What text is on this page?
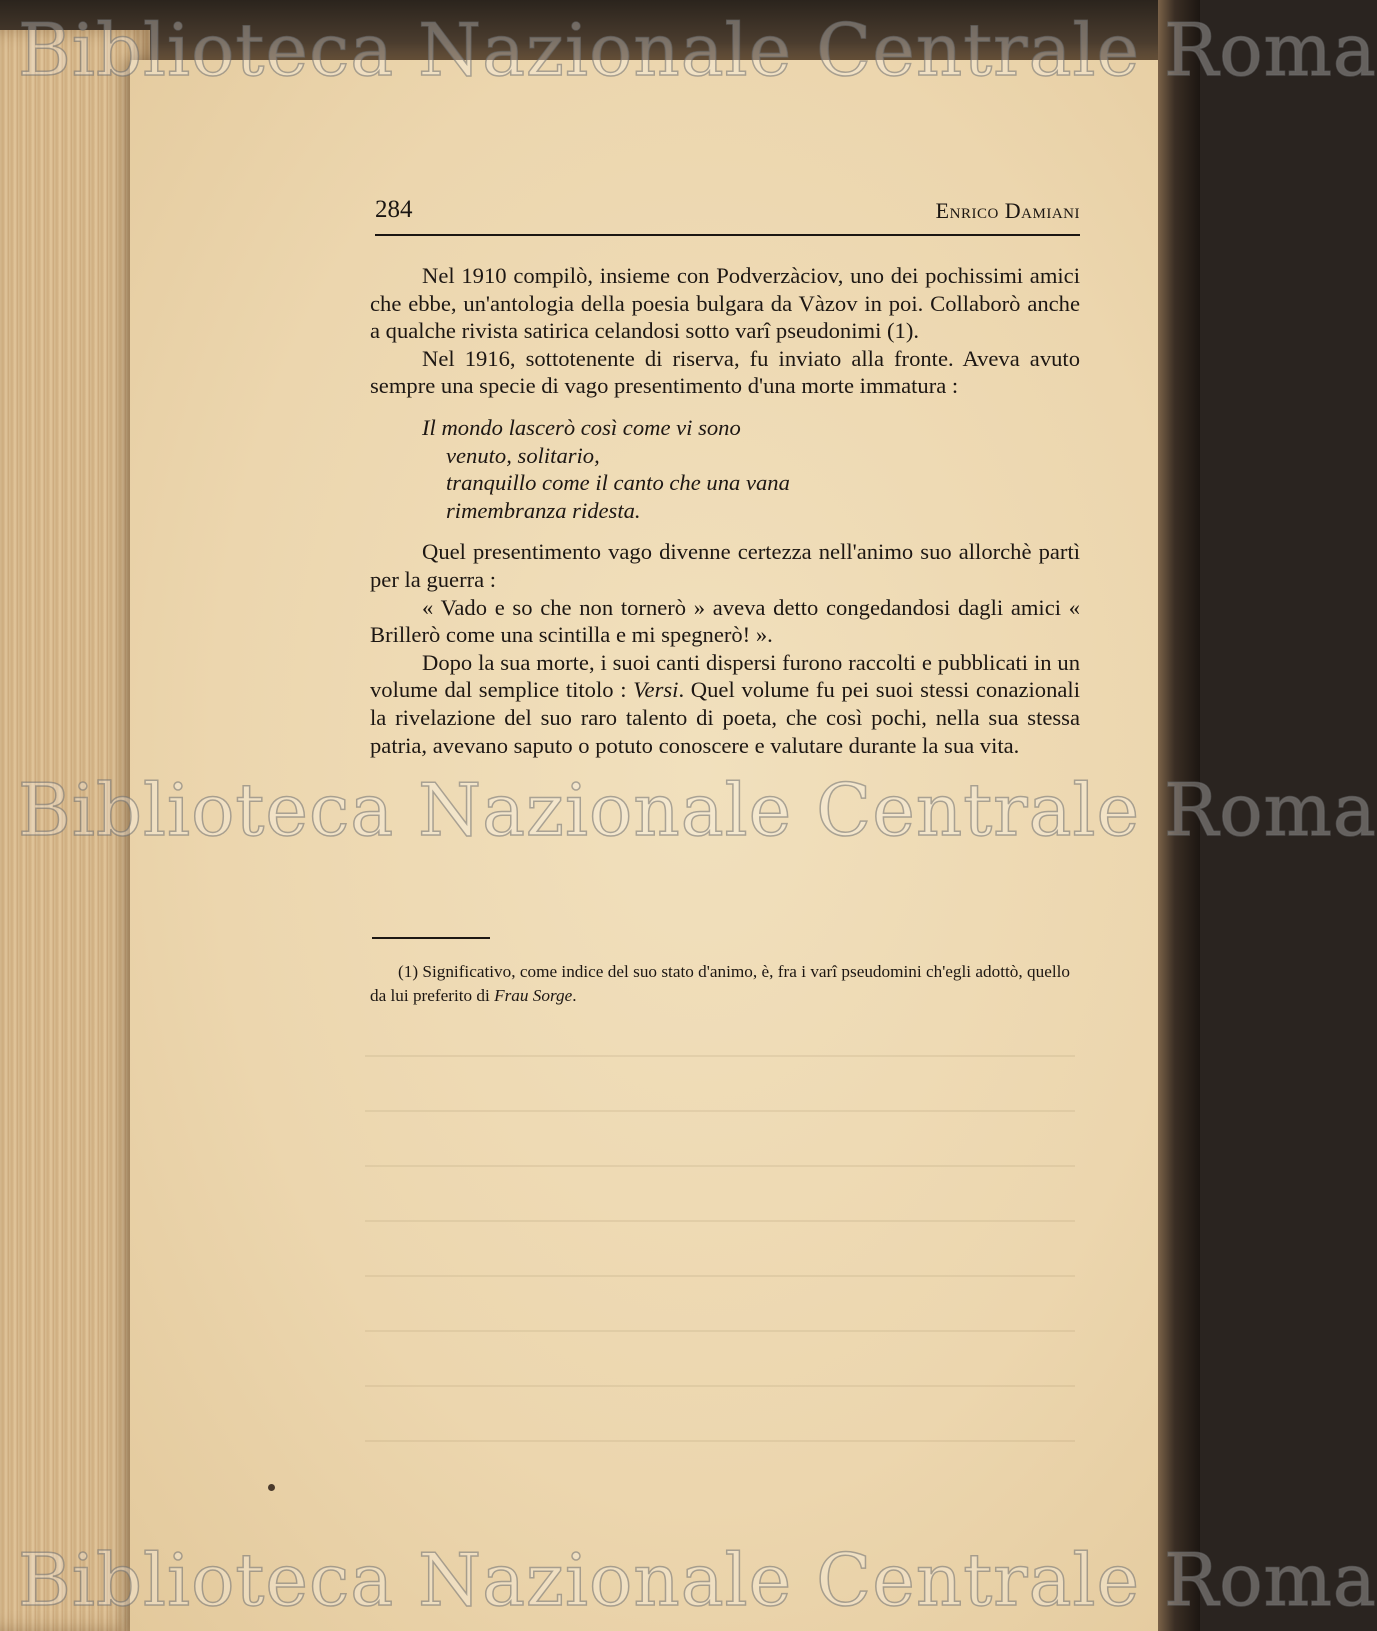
284	Enrico Damiani

Nel 1910 compilò, insieme con Podverzàciov, uno dei pochissimi amici che ebbe, un'antologia della poesia bulgara da Vàzov in poi. Collaborò anche a qualche rivista satirica celandosi sotto varî pseudonimi (1).

Nel 1916, sottotenente di riserva, fu inviato alla fronte. Aveva avuto sempre una specie di vago presentimento d'una morte immatura :

Il mondo lascerò così come vi sono
venuto, solitario,
tranquillo come il canto che una vana
rimembranza ridesta.

Quel presentimento vago divenne certezza nell'animo suo allorchè partì per la guerra :

« Vado e so che non tornerò » aveva detto congedandosi dagli amici « Brillerò come una scintilla e mi spegnerò! ».

Dopo la sua morte, i suoi canti dispersi furono raccolti e pubblicati in un volume dal semplice titolo : Versi. Quel volume fu pei suoi stessi conazionali la rivelazione del suo raro talento di poeta, che così pochi, nella sua stessa patria, avevano saputo o potuto conoscere e valutare durante la sua vita.

(1) Significativo, come indice del suo stato d'animo, è, fra i varî pseudomini ch'egli adottò, quello da lui preferito di Frau Sorge.
Biblioteca Nazionale Centrale Roma
Biblioteca Nazionale Centrale Roma
Biblioteca Nazionale Centrale Roma
